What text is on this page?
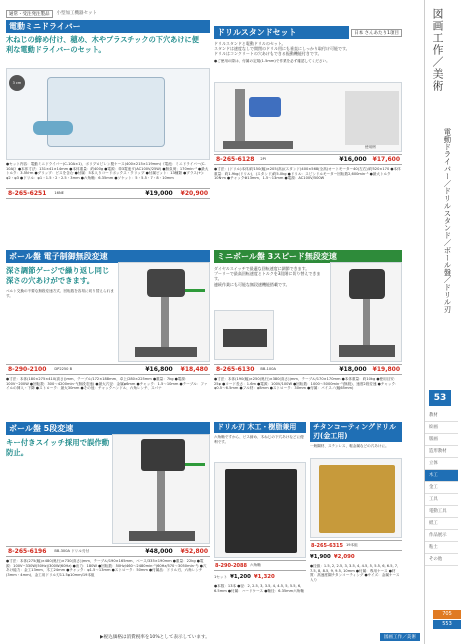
通常・受注発注製品	小型加工機器セット
電動ミニドライバー
木ねじの締め付け、穂め、木やプラスチックの下穴あけに便利な電動ドライバーのセット。
3 cm
●セット内容：電動ミニドライバー(C-10A×1)、ボリプロピレン製ケース(400×215×119mm)《電池：ミニドライバー(C-10A)》●本体寸法：131×41×14mm ●本体重量：約400g ●電源：単3電池ダ(AC100V/25W) ●無負荷：170min⁻¹ ●最大トルク：3.5N·m ●グリップ：ビスを含む ●付属：5本入りコードボックス・クリップ ●付属ビット：13種類 ●プラス(+)：φ2・φ3 ●ドリル：φ1・1.5・2・2.5・3mm ●六角軸：6.35mm ●ソケット：5・5.5・7・8・10mm
8-265-6251 16NE	¥19,000 ¥20,900
ドリルスタンドセット	日本 さんあたり1項目
ドリルスタンドと電動ドリルのセット。
スタンドは速度なしで開閉のドリル用にも垂直にしっかり取付け可能です。
ドリルはコンクリートの穴あけもできる振動機能付きです。
●ご使用の際は、付属の定規(1.5mm)で作業を必ず確認してください。
使用例
8-265-6128 2PI	¥16,000 ¥17,600
●寸法：(ドリル)本体/約150(幅)×205(高)/(スタンド)400×568(全高)オートモーター40(左右)/約520×170 ●本体重量：約1.9kg(ドリル)、(スタンド)約5.0kg ●ドリル：スピンドルモーター回転数2,600min⁻¹ ●最大トルク10N·m ●チャックΦ13mm、1.5〜13mm ●電源：AC100V/500W
ボール盤 電子制御無段変速
深さ調節ゲージで繰り返し同じ深さの穴あけができます。
ベルト交換の不要な無段変速方式、回転数を容易に切り替えられます。
8-290-2100 DP2250 B	¥16,800 ¥18,480
●寸法：本体(180×275×410(高さ))mm、テーブル/172×188mm、卓上/280×225mm ●重量：7kg ●電源：100V~200W ●回転数：300〜4200min⁻¹(無段変速) ●最大穴径：金属φ6mm ●チャック：1.5〜10mm ●テーブル：ファイルの挿入・下降 ●ストローク：最大30mm ●その他：チャックハンドル、六角レンチ、スパナ
ミニボール盤 3スピード無段変速
ダイヤルスイッチで最適な回転速度に調節できます。
プーリーで最高回転速度とトルクを3段階に切り替えできます。
連続作業にも可能な無段速機能搭載です。
8-265-6130 BB-100A	¥18,000 ¥19,800
●寸法：本体(190(幅)×250(奥行)×380(高さ))mm、テーブル/170×170mm ●本体重量：約10kg ●使用目安：25φ ●コード長さ：1.6m ●電源：100V/100W ●回転数：1000〜5000min⁻¹(無段)、速度2段変速 ●チャック：φ0.5〜6.5mm ●フル材：φ8mm ●ストローク：30mm ●付属：バイスノ(幅65mm)
ボール盤 5段変速
キー付きスイッチ採用で誤作動防止。
8-265-6196 BB-300A ドリル刃付	¥48,000 ¥52,800
●寸法：本体(275(幅)×480(奥行)×730(高さ))mm、テーブル/190×165mm、ベース/335×190mm ●重量：22kg ●電源：100V~330W(50Hz)/300W(60Hz) ●出力：180W ●回転数：50Hz/460〜2480min⁻¹(60Hz/570〜3050min⁻¹) ●穴あけ能力：金工13mm、木工24mm ●チャック：φ1.5〜13mm ●ストローク：50mm ●付属品：ドリル刃、六角レンチ(3mm・4mm)、金工用ドリル刃11.5φ10mm/19本組
ドリル刃 木工・樹脂兼用
六角軸ですから、ビス締め、木ねじの下穴あけなどに便利です。
8-290-2088 六角軸
1セット ¥1,200 ¥1,320
●本数：13本 ●径：2, 2.5, 3, 3.5, 4, 4.5, 5, 5.5, 6, 6.5mm ●付属：ハードケース ●軸径：6.35mm六角軸
チタンコーティングドリル刃(金工用)
一般鋼材、ステンレス、軽金属などの穴あけに。
8-265-6315 19本組
¥1,900 ¥2,090
●径級：1.5, 2, 2.5, 3, 3.5, 4, 4.5, 5, 5.5, 6, 6.5, 7, 7.5, 8, 8.5, 9, 9.5, 10mm ●付属：専用ケース ●材質：高速度鋼チタンコーティング ●サイズ：金属ケース入り
図画工作／美術
電動ドライバー／ドリルスタンド／ボール盤／ドリル刃
53
教材
絵画
版画
造形教材
立体
木工
金工
工具
電動工具
紙工
作品展示
粘土
その他
705
553
▶税込価格は消費税率を10%として表示しています。	図画工作／美術
